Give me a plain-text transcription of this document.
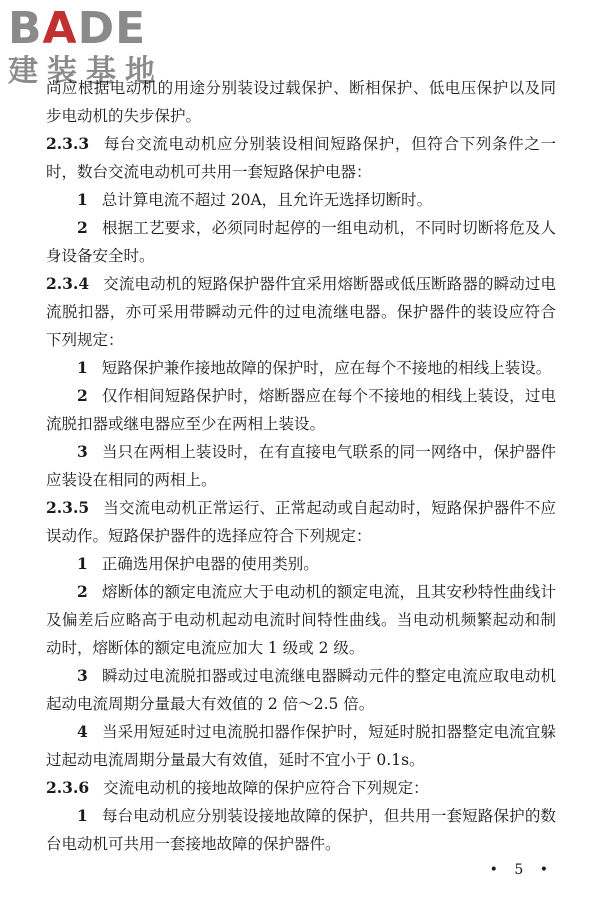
BADE
建装基地

尚应根据电动机的用途分别装设过载保护、断相保护、低电压保护以及同步电动机的失步保护。

2.3.3 每台交流电动机应分别装设相间短路保护，但符合下列条件之一时，数台交流电动机可共用一套短路保护电器：

1 总计算电流不超过 20A，且允许无选择切断时。

2 根据工艺要求，必须同时起停的一组电动机，不同时切断将危及人身设备安全时。

2.3.4 交流电动机的短路保护器件宜采用熔断器或低压断路器的瞬动过电流脱扣器，亦可采用带瞬动元件的过电流继电器。保护器件的装设应符合下列规定：

1 短路保护兼作接地故障的保护时，应在每个不接地的相线上装设。

2 仅作相间短路保护时，熔断器应在每个不接地的相线上装设，过电流脱扣器或继电器应至少在两相上装设。

3 当只在两相上装设时，在有直接电气联系的同一网络中，保护器件应装设在相同的两相上。

2.3.5 当交流电动机正常运行、正常起动或自起动时，短路保护器件不应误动作。短路保护器件的选择应符合下列规定：

1 正确选用保护电器的使用类别。

2 熔断体的额定电流应大于电动机的额定电流，且其安秒特性曲线计及偏差后应略高于电动机起动电流时间特性曲线。当电动机频繁起动和制动时，熔断体的额定电流应加大 1 级或 2 级。

3 瞬动过电流脱扣器或过电流继电器瞬动元件的整定电流应取电动机起动电流周期分量最大有效值的 2 倍～2.5 倍。

4 当采用短延时过电流脱扣器作保护时，短延时脱扣器整定电流宜躲过起动电流周期分量最大有效值，延时不宜小于 0.1s。

2.3.6 交流电动机的接地故障的保护应符合下列规定：

1 每台电动机应分别装设接地故障的保护，但共用一套短路保护的数台电动机可共用一套接地故障的保护器件。

• 5 •
